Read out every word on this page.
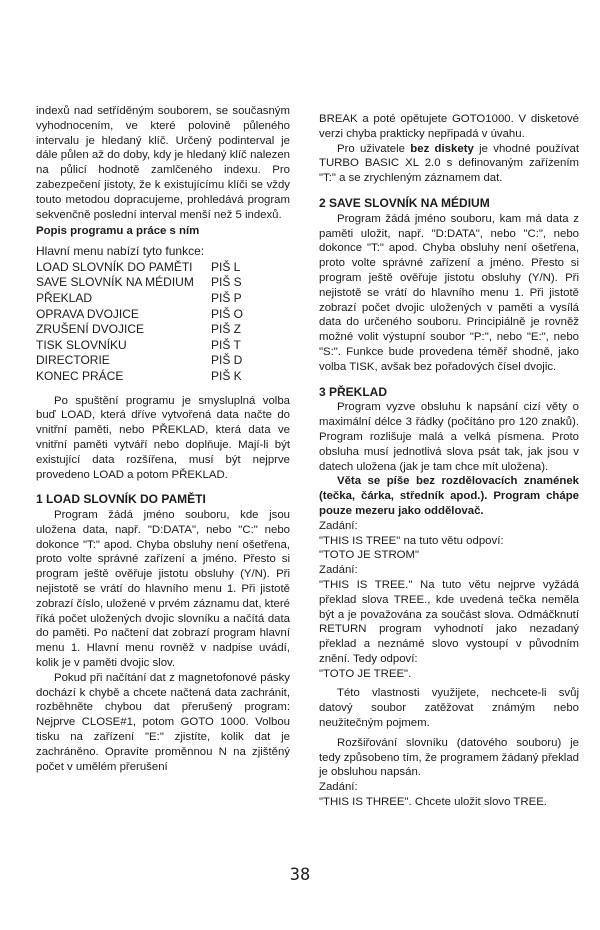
indexů nad setříděným souborem, se současným vyhodnocením, ve které polovině půleného intervalu je hledaný klíč. Určený podinterval je dále půlen až do doby, kdy je hledaný klíč nalezen na půlicí hodnotě zamlčeného indexu. Pro zabezpečení jistoty, že k existujícímu klíči se vždy touto metodou dopracujeme, prohledává program sekvenčně poslední interval menší než 5 indexů.

Popis programu a práce s ním

Hlavní menu nabízí tyto funkce:
LOAD SLOVNÍK DO PAMĚTI	PIŠ L
SAVE SLOVNÍK NA MÉDIUM	PIŠ S
PŘEKLAD	PIŠ P
OPRAVA DVOJICE	PIŠ O
ZRUŠENÍ DVOJICE	PIŠ Z
TISK SLOVNÍKU	PIŠ T
DIRECTORIE	PIŠ D
KONEC PRÁCE	PIŠ K

Po spuštění programu je smysluplná volba buď LOAD, která dříve vytvořená data načte do vnitřní paměti, nebo PŘEKLAD, která data ve vnitřní paměti vytváří nebo doplňuje. Mají-li být existující data rozšířena, musí být nejprve provedeno LOAD a potom PŘEKLAD.

1 LOAD SLOVNÍK DO PAMĚTI

Program žádá jméno souboru, kde jsou uložena data, např. "D:DATA", nebo "C:" nebo dokonce "T:" apod. Chyba obsluhy není ošetřena, proto volte správné zařízení a jméno. Přesto si program ještě ověřuje jistotu obsluhy (Y/N). Při nejistotě se vrátí do hlavního menu 1. Při jistotě zobrazí číslo, uložené v prvém záznamu dat, které říká počet uložených dvojic slovníku a načítá data do paměti. Po načtení dat zobrazí program hlavní menu 1. Hlavní menu rovněž v nadpise uvádí, kolik je v paměti dvojic slov.

Pokud při načítání dat z magnetofonové pásky dochází k chybě a chcete načtená data zachránit, rozběhněte chybou dat přerušený program: Nejprve CLOSE#1, potom GOTO 1000. Volbou tisku na zařízení "E:" zjistíte, kolik dat je zachráněno. Opravíte proměnnou N na zjištěný počet v umělém přerušení

BREAK a poté opětujete GOTO1000. V disketové verzi chyba prakticky nepřipadá v úvahu.

Pro uživatele bez diskety je vhodné používat TURBO BASIC XL 2.0 s definovaným zařízením "T:" a se zrychleným záznamem dat.

2 SAVE SLOVNÍK NA MÉDIUM

Program žádá jméno souboru, kam má data z paměti uložit, např. "D:DATA", nebo "C:", nebo dokonce "T:" apod. Chyba obsluhy není ošetřena, proto volte správné zařízení a jméno. Přesto si program ještě ověřuje jistotu obsluhy (Y/N). Při nejistotě se vrátí do hlavního menu 1. Při jistotě zobrazí počet dvojic uložených v paměti a vysílá data do určeného souboru. Principiálně je rovněž možné volit výstupní soubor "P:", nebo "E:", nebo "S:". Funkce bude provedena téměř shodně, jako volba TISK, avšak bez pořadových čísel dvojic.

3 PŘEKLAD

Program vyzve obsluhu k napsání cizí věty o maximální délce 3 řádky (počítáno pro 120 znaků). Program rozlišuje malá a velká písmena. Proto obsluha musí jednotlivá slova psát tak, jak jsou v datech uložena (jak je tam chce mít uložena).

Věta se píše bez rozdělovacích znamének (tečka, čárka, středník apod.). Program chápe pouze mezeru jako oddělovač.

Zadání:
"THIS IS TREE" na tuto větu odpoví:
"TOTO JE STROM"
Zadání:

"THIS IS TREE." Na tuto větu nejprve vyžádá překlad slova TREE., kde uvedená tečka neměla být a je považována za součást slova. Odmáčknutí RETURN program vyhodnotí jako nezadaný překlad a neznámé slovo vystoupí v původním znění. Tedy odpoví:

"TOTO JE TREE".

Této vlastnosti využijete, nechcete-li svůj datový soubor zatěžovat známým nebo neužitečným pojmem.

Rozšiřování slovníku (datového souboru) je tedy způsobeno tím, že programem žádaný překlad je obsluhou napsán.

Zadání:
"THIS IS THREE". Chcete uložit slovo TREE.
38
